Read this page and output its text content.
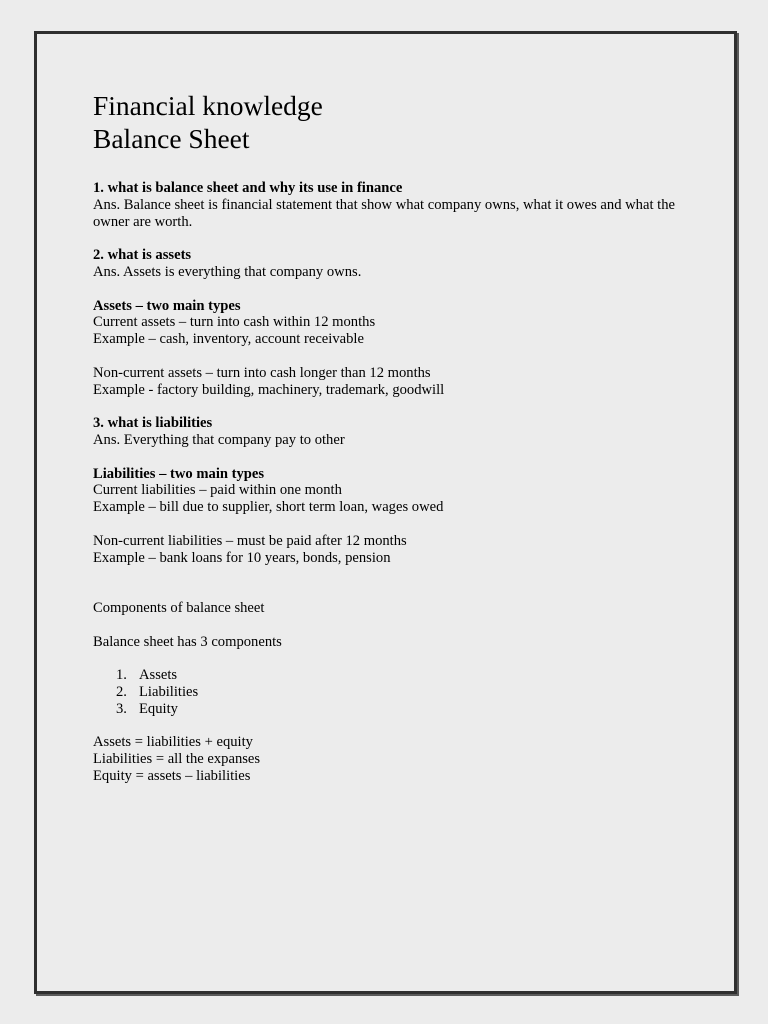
Financial knowledge
Balance Sheet
1. what is balance sheet and why its use in finance
Ans. Balance sheet is financial statement that show what company owns, what it owes and what the owner are worth.
2. what is assets
Ans. Assets is everything that company owns.
Assets – two main types
Current assets – turn into cash within 12 months
Example – cash, inventory, account receivable
Non-current assets – turn into cash longer than 12 months
Example - factory building, machinery, trademark, goodwill
3. what is liabilities
Ans. Everything that company pay to other
Liabilities – two main types
Current liabilities – paid within one month
Example – bill due to supplier, short term loan, wages owed
Non-current liabilities – must be paid after 12 months
Example – bank loans for 10 years, bonds, pension
Components of balance sheet
Balance sheet has 3 components
1. Assets
2. Liabilities
3. Equity
Assets = liabilities + equity
Liabilities = all the expanses
Equity = assets – liabilities
